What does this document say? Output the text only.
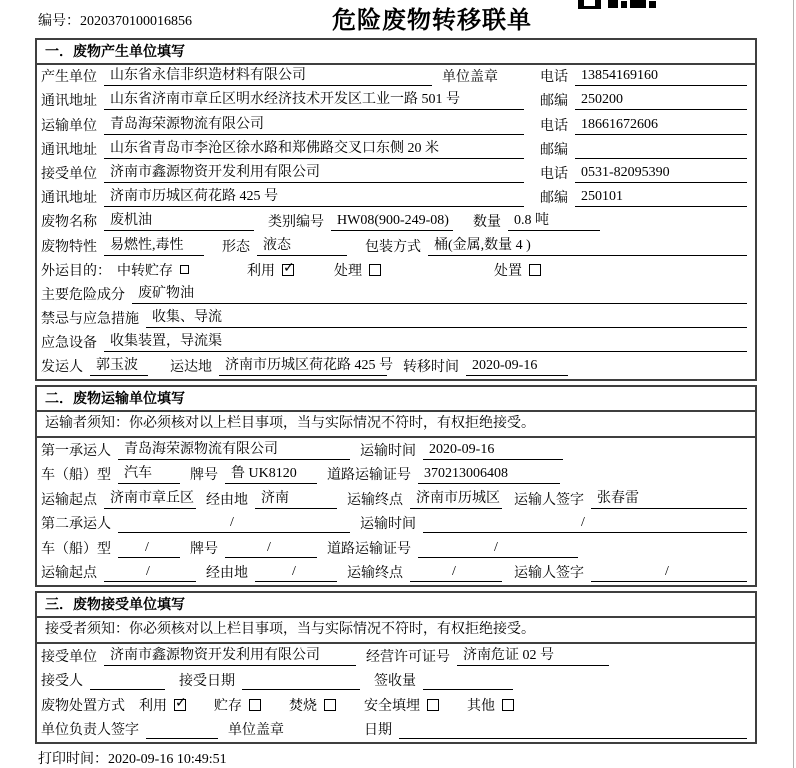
编号：2020370100016856	危险废物转移联单
一．废物产生单位填写
产生单位 山东省永信非织造材料有限公司	单位盖章	电话 13854169160
通讯地址 山东省济南市章丘区明水经济技术开发区工业一路 501 号	邮编 250200
运输单位 青岛海荣源物流有限公司	电话 18661672606
通讯地址 山东省青岛市李沧区徐水路和郑佛路交叉口东侧 20 米	邮编
接受单位 济南市鑫源物资开发利用有限公司	电话 0531-82095390
通讯地址 济南市历城区荷花路 425 号	邮编 250101
废物名称 废机油	类别编号 HW08(900-249-08) 数量 0.8 吨
废物特性 易燃性,毒性	形态 液态	包装方式 桶(金属,数量 4 )
外运目的： 中转贮存	利用 ✓	处理	处置
主要危险成分 废矿物油
禁忌与应急措施 收集、导流
应急设备 收集装置，导流渠
发运人 郭玉波	运达地 济南市历城区荷花路 425 号 转移时间 2020-09-16
二．废物运输单位填写
运输者须知：你必须核对以上栏目事项，当与实际情况不符时，有权拒绝接受。
第一承运人 青岛海荣源物流有限公司	运输时间 2020-09-16
车（船）型 汽车	牌号 鲁 UK8120	道路运输证号 370213006408
运输起点 济南市章丘区 经由地 济南	运输终点 济南市历城区 运输人签字 张春雷
第二承运人	/	运输时间	/
车（船）型	/	牌号	/	道路运输证号	/
运输起点	/	经由地	/	运输终点	/	运输人签字	/
三．废物接受单位填写
接受者须知：你必须核对以上栏目事项，当与实际情况不符时，有权拒绝接受。
接受单位 济南市鑫源物资开发利用有限公司	经营许可证号 济南危证 02 号
接受人	接受日期	签收量
废物处置方式 利用 ✓	贮存	焚烧	安全填埋	其他
单位负责人签字	单位盖章	日期
打印时间：2020-09-16 10:49:51
